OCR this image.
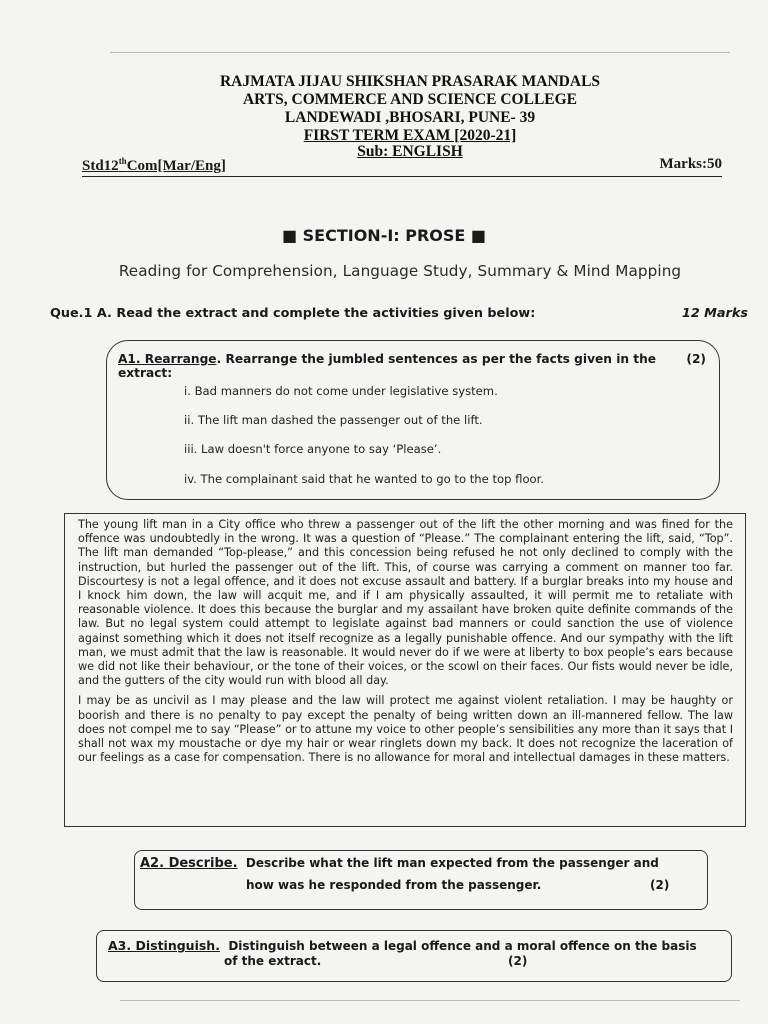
RAJMATA JIJAU SHIKSHAN PRASARAK MANDALS
ARTS, COMMERCE AND SCIENCE COLLEGE
LANDEWADI ,BHOSARI, PUNE- 39
FIRST TERM EXAM [2020-21]
Sub: ENGLISH
Std12thCom[Mar/Eng]	Marks:50
■ SECTION-I: PROSE ■
Reading for Comprehension, Language Study, Summary & Mind Mapping
Que.1 A. Read the extract and complete the activities given below:	12 Marks
A1. Rearrange. Rearrange the jumbled sentences as per the facts given in the extract:
(2)
i. Bad manners do not come under legislative system.
ii. The lift man dashed the passenger out of the lift.
iii. Law doesn't force anyone to say ‘Please’.
iv. The complainant said that he wanted to go to the top floor.

The young lift man in a City office who threw a passenger out of the lift the other morning and was fined for the offence was undoubtedly in the wrong. It was a question of “Please.” The complainant entering the lift, said, “Top”. The lift man demanded “Top-please,” and this concession being refused he not only declined to comply with the instruction, but hurled the passenger out of the lift. This, of course was carrying a comment on manner too far. Discourtesy is not a legal offence, and it does not excuse assault and battery. If a burglar breaks into my house and I knock him down, the law will acquit me, and if I am physically assaulted, it will permit me to retaliate with reasonable violence. It does this because the burglar and my assailant have broken quite definite commands of the law. But no legal system could attempt to legislate against bad manners or could sanction the use of violence against something which it does not itself recognize as a legally punishable offence. And our sympathy with the lift man, we must admit that the law is reasonable. It would never do if we were at liberty to box people’s ears because we did not like their behaviour, or the tone of their voices, or the scowl on their faces. Our fists would never be idle, and the gutters of the city would run with blood all day.

I may be as uncivil as I may please and the law will protect me against violent retaliation. I may be haughty or boorish and there is no penalty to pay except the penalty of being written down an ill-mannered fellow. The law does not compel me to say “Please” or to attune my voice to other people’s sensibilities any more than it says that I shall not wax my moustache or dye my hair or wear ringlets down my back. It does not recognize the laceration of our feelings as a case for compensation. There is no allowance for moral and intellectual damages in these matters.

A2. Describe. Describe what the lift man expected from the passenger and
how was he responded from the passenger.	(2)
A3. Distinguish. Distinguish between a legal offence and a moral offence on the basis
of the extract.	(2)
